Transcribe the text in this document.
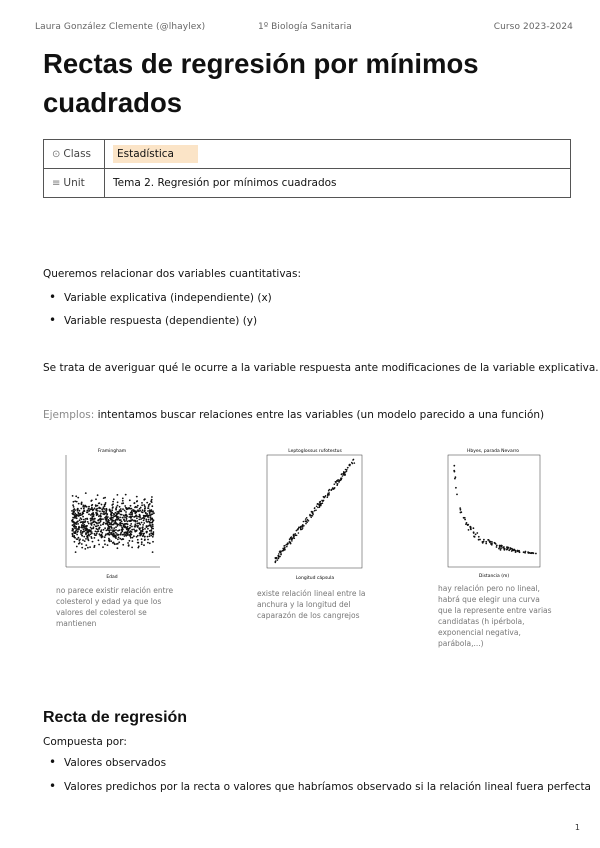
Laura González Clemente (@lhaylex)	1º Biología Sanitaria	Curso 2023-2024
Rectas de regresión por mínimos cuadrados
⊙ Class	Estadística
≡ Unit	Tema 2. Regresión por mínimos cuadrados
Queremos relacionar dos variables cuantitativas:
Variable explicativa (independiente) (x)
Variable respuesta (dependiente) (y)
Se trata de averiguar qué le ocurre a la variable respuesta ante modificaciones de la variable explicativa.
Ejemplos: intentamos buscar relaciones entre las variables (un modelo parecido a una función)
Framingham
Edad
no parece existir relación entre
colesterol y edad ya que los
valores del colesterol se
mantienen
Leptoglossus rufotestus
Longitud cápsula
existe relación lineal entre la
anchura y la longitud del
caparazón de los cangrejos
Hbyes, parada Nevarro
Distancia (m)
hay relación pero no lineal,
habrá que elegir una curva
que la represente entre varias
candidatas (h ipérbola,
exponencial negativa,
parábola,...)
Recta de regresión
Compuesta por:
Valores observados
Valores predichos por la recta o valores que habríamos observado si la relación lineal fuera perfecta
1
